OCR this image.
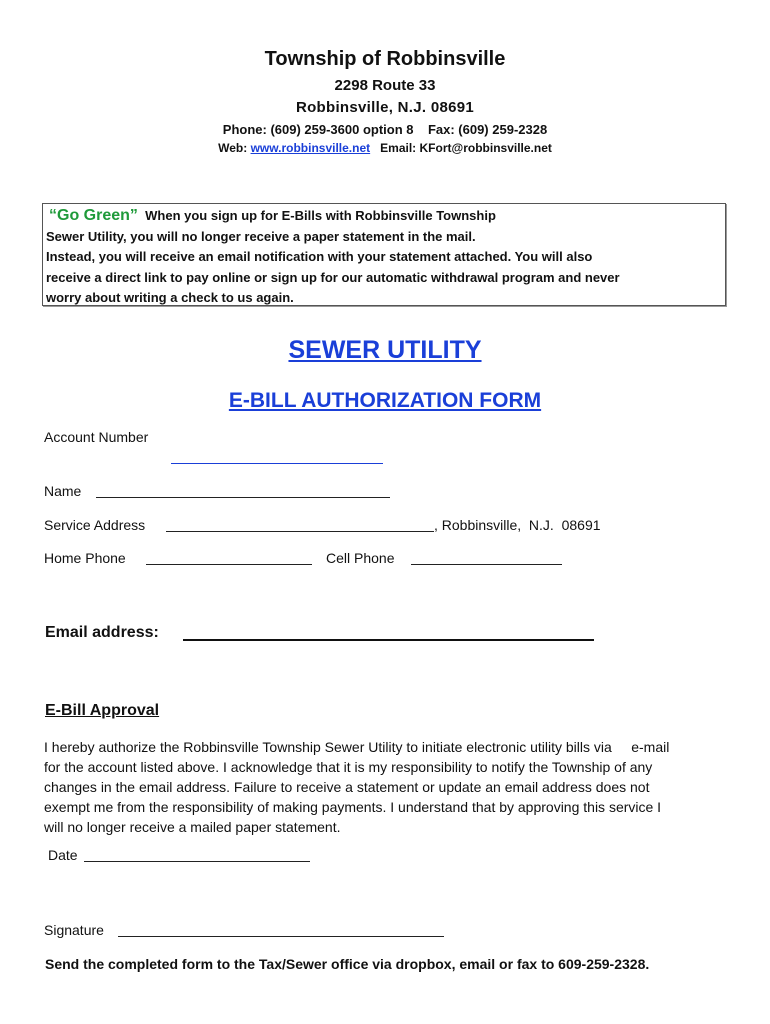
Township of Robbinsville
2298 Route 33
Robbinsville, N.J. 08691
Phone: (609) 259-3600 option 8    Fax: (609) 259-2328
Web: www.robbinsville.net Email: KFort@robbinsville.net
“Go Green” When you sign up for E-Bills with Robbinsville Township
Sewer Utility, you will no longer receive a paper statement in the mail.
Instead, you will receive an email notification with your statement attached. You will also
receive a direct link to pay online or sign up for our automatic withdrawal program and never
worry about writing a check to us again.
SEWER UTILITY
E-BILL AUTHORIZATION FORM
Account Number
Name
Service Address	, Robbinsville,  N.J.  08691
Home Phone	Cell Phone
Email address:
E-Bill Approval
I hereby authorize the Robbinsville Township Sewer Utility to initiate electronic utility bills via     e-mail
for the account listed above. I acknowledge that it is my responsibility to notify the Township of any
changes in the email address. Failure to receive a statement or update an email address does not
exempt me from the responsibility of making payments. I understand that by approving this service I
will no longer receive a mailed paper statement.
Date
Signature
Send the completed form to the Tax/Sewer office via dropbox, email or fax to 609-259-2328.
